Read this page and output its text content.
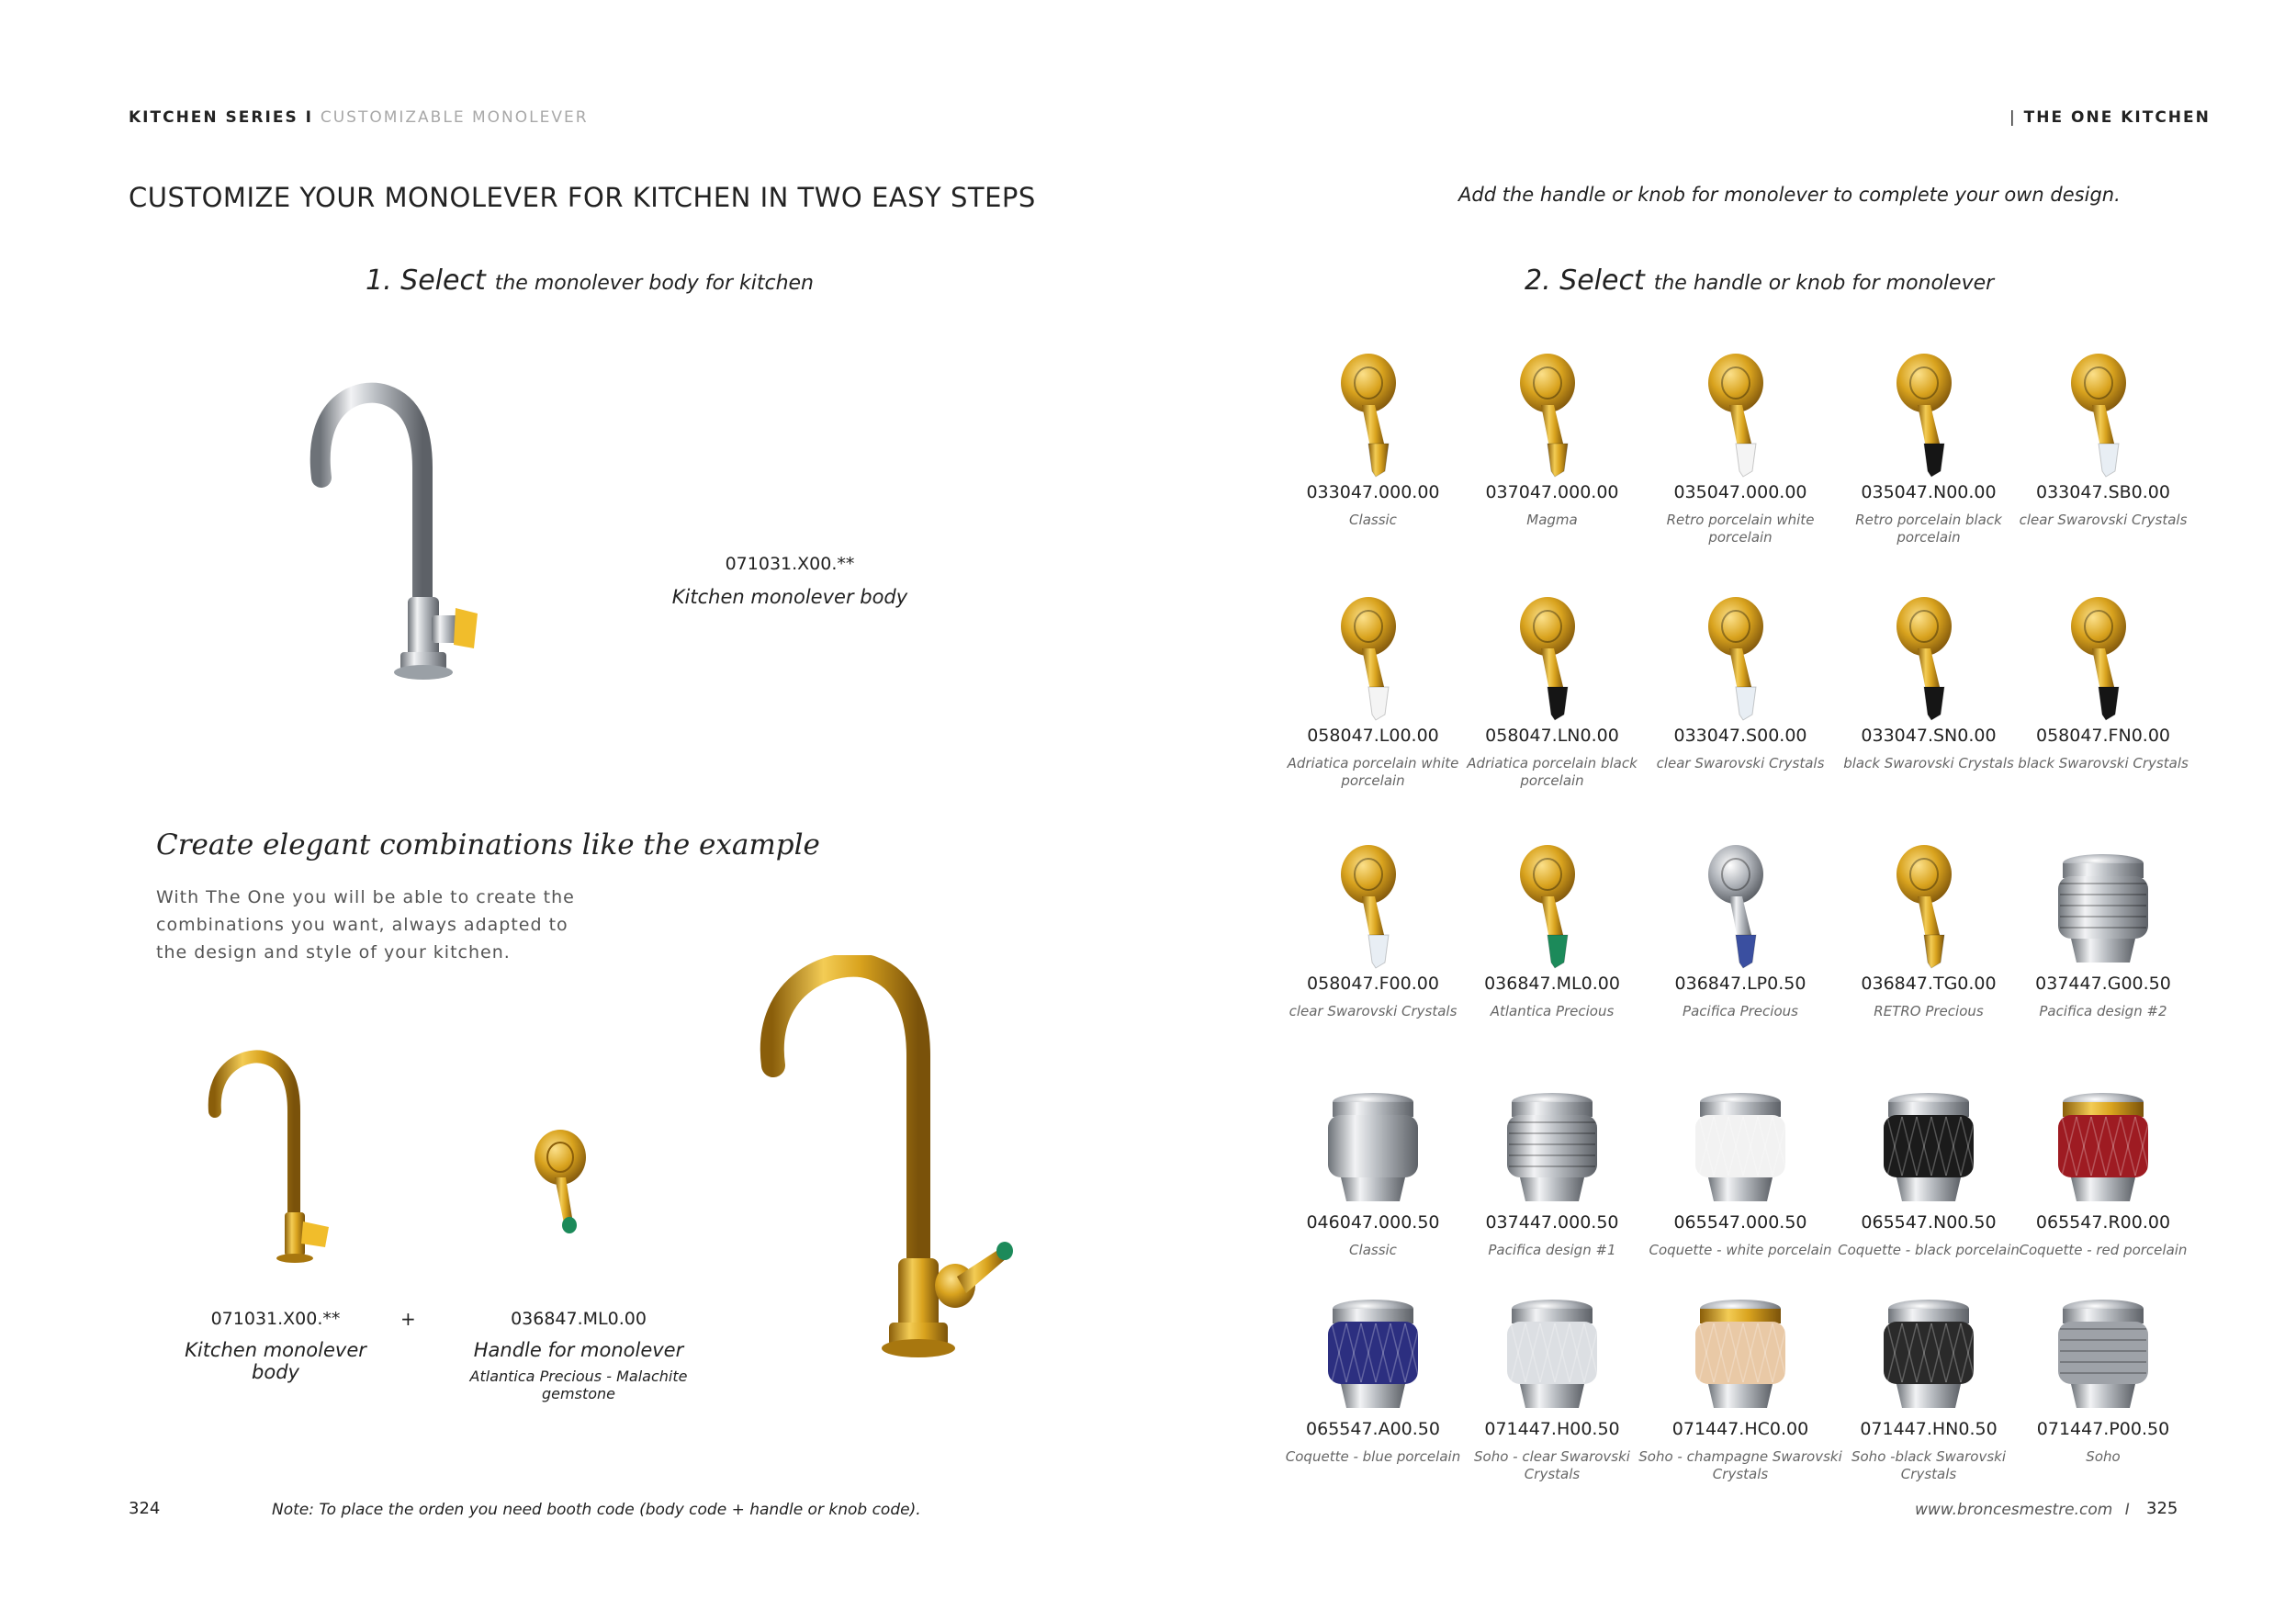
KITCHEN SERIES I CUSTOMIZABLE MONOLEVER	| THE ONE KITCHEN
CUSTOMIZE YOUR MONOLEVER FOR KITCHEN IN TWO EASY STEPS	Add the handle or knob for monolever to complete your own design.
1. Select the monolever body for kitchen	2. Select the handle or knob for monolever
071031.X00.**
Kitchen monolever body
Create elegant combinations like the example
With The One you will be able to create the combinations you want, always adapted to the design and style of your kitchen.
071031.X00.**
Kitchen monolever body
+	036847.ML0.00
Handle for monolever
Atlantica Precious - Malachite gemstone
033047.000.00
Classic
037047.000.00
Magma
035047.000.00
Retro porcelain white porcelain
035047.N00.00
Retro porcelain black porcelain
033047.SB0.00
clear Swarovski Crystals
058047.L00.00
Adriatica porcelain white porcelain
058047.LN0.00
Adriatica porcelain black porcelain
033047.S00.00
clear Swarovski Crystals
033047.SN0.00
black Swarovski Crystals
058047.FN0.00
black Swarovski Crystals
058047.F00.00
clear Swarovski Crystals
036847.ML0.00
Atlantica Precious
036847.LP0.50
Pacifica Precious
036847.TG0.00
RETRO Precious
037447.G00.50
Pacifica design #2
046047.000.50
Classic
037447.000.50
Pacifica design #1
065547.000.50
Coquette - white porcelain
065547.N00.50
Coquette - black porcelain
065547.R00.00
Coquette - red porcelain
065547.A00.50
Coquette - blue porcelain
071447.H00.50
Soho - clear Swarovski Crystals
071447.HC0.00
Soho - champagne Swarovski Crystals
071447.HN0.50
Soho -black Swarovski Crystals
071447.P00.50
Soho
324	Note: To place the orden you need booth code (body code + handle or knob code).	www.broncesmestre.com I 325
